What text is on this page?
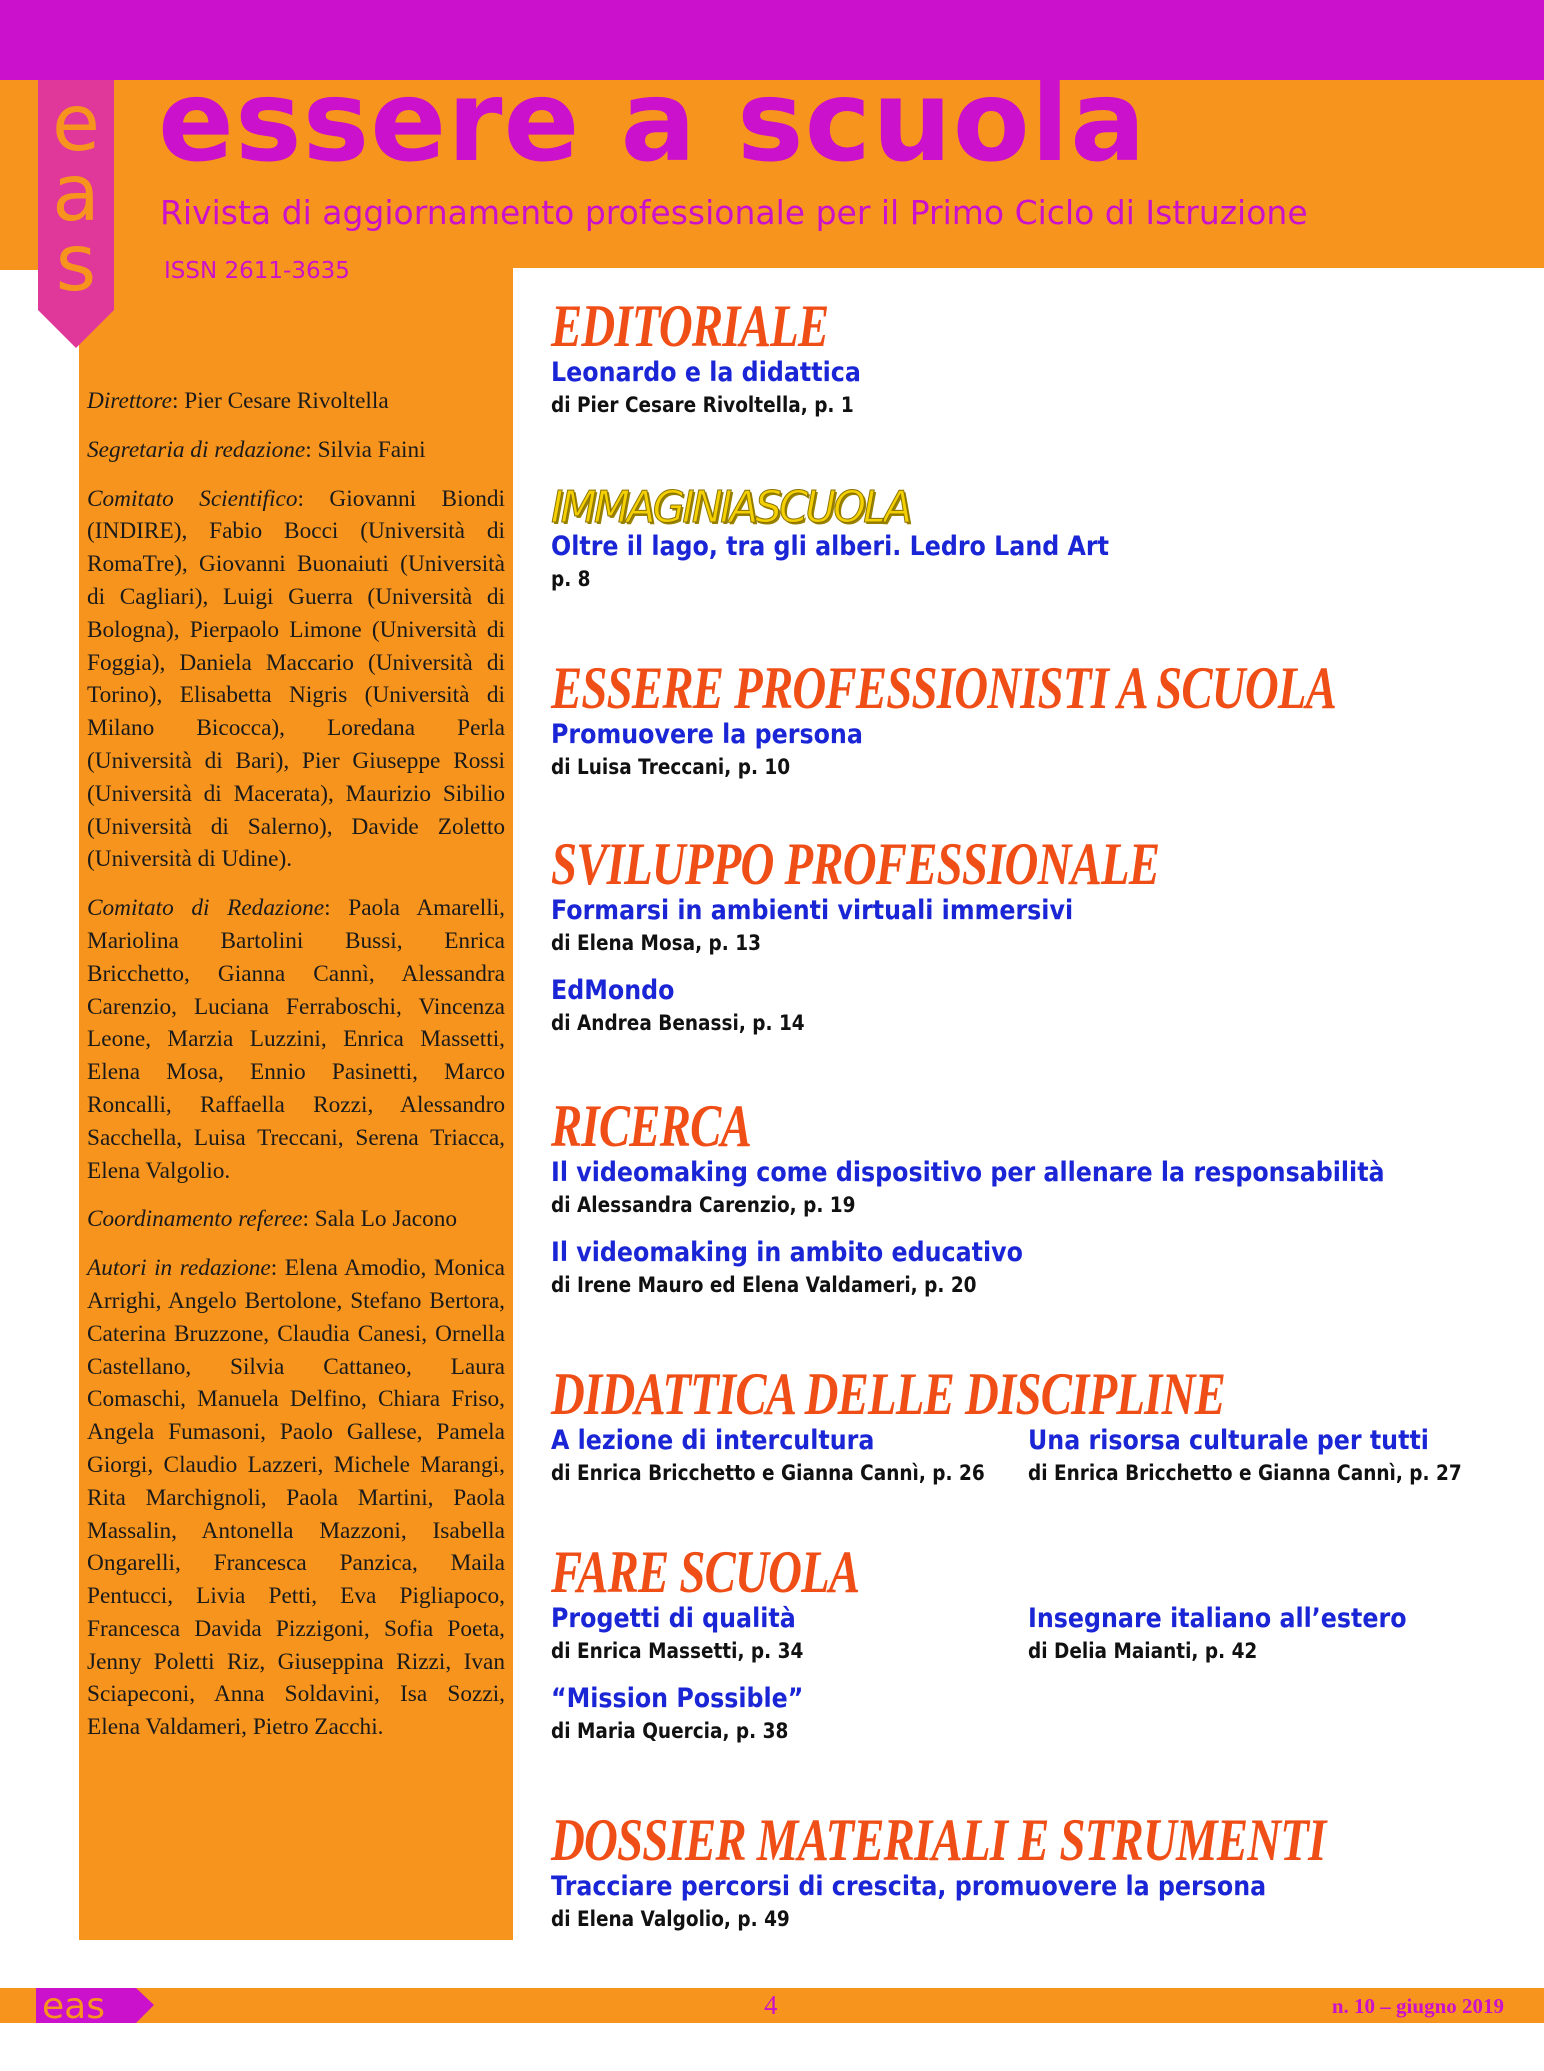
e
a
s
essere a scuola
Rivista di aggiornamento professionale per il Primo Ciclo di Istruzione
ISSN 2611-3635

Direttore: Pier Cesare Rivoltella

Segretaria di redazione: Silvia Faini

Comitato Scientifico: Giovanni Biondi (INDIRE), Fabio Bocci (Università di RomaTre), Giovanni Buonaiuti (Università di Cagliari), Luigi Guerra (Università di Bologna), Pierpaolo Limone (Università di Foggia), Daniela Maccario (Università di Torino), Elisabetta Nigris (Università di Milano Bicocca), Loredana Perla (Università di Bari), Pier Giuseppe Rossi (Università di Macerata), Maurizio Sibilio (Università di Salerno), Davide Zoletto (Università di Udine).

Comitato di Redazione: Paola Amarelli, Mariolina Bartolini Bussi, Enrica Bricchetto, Gianna Cannì, Alessandra Carenzio, Luciana Ferraboschi, Vincenza Leone, Marzia Luzzini, Enrica Massetti, Elena Mosa, Ennio Pasinetti, Marco Roncalli, Raffaella Rozzi, Alessandro Sacchella, Luisa Treccani, Serena Triacca, Elena Valgolio.

Coordinamento referee: Sala Lo Jacono

Autori in redazione: Elena Amodio, Monica Arrighi, Angelo Bertolone, Stefano Bertora, Caterina Bruzzone, Claudia Canesi, Ornella Castellano, Silvia Cattaneo, Laura Comaschi, Manuela Delfino, Chiara Friso, Angela Fumasoni, Paolo Gallese, Pamela Giorgi, Claudio Lazzeri, Michele Marangi, Rita Marchignoli, Paola Martini, Paola Massalin, Antonella Mazzoni, Isabella Ongarelli, Francesca Panzica, Maila Pentucci, Livia Petti, Eva Pigliapoco, Francesca Davida Pizzigoni, Sofia Poeta, Jenny Poletti Riz, Giuseppina Rizzi, Ivan Sciapeconi, Anna Soldavini, Isa Sozzi, Elena Valdameri, Pietro Zacchi.

EDITORIALE
Leonardo e la didattica
di Pier Cesare Rivoltella, p. 1
IMMAGINIASCUOLA
Oltre il lago, tra gli alberi. Ledro Land Art
p. 8
ESSERE PROFESSIONISTI A SCUOLA
Promuovere la persona
di Luisa Treccani, p. 10
SVILUPPO PROFESSIONALE
Formarsi in ambienti virtuali immersivi
di Elena Mosa, p. 13
EdMondo
di Andrea Benassi, p. 14
RICERCA
Il videomaking come dispositivo per allenare la responsabilità
di Alessandra Carenzio, p. 19
Il videomaking in ambito educativo
di Irene Mauro ed Elena Valdameri, p. 20
DIDATTICA DELLE DISCIPLINE
A lezione di intercultura
di Enrica Bricchetto e Gianna Cannì, p. 26
Una risorsa culturale per tutti
di Enrica Bricchetto e Gianna Cannì, p. 27
FARE SCUOLA
Progetti di qualità
di Enrica Massetti, p. 34
“Mission Possible”
di Maria Quercia, p. 38
Insegnare italiano all’estero
di Delia Maianti, p. 42
DOSSIER MATERIALI E STRUMENTI
Tracciare percorsi di crescita, promuovere la persona
di Elena Valgolio, p. 49
eas	4	n. 10 – giugno 2019
